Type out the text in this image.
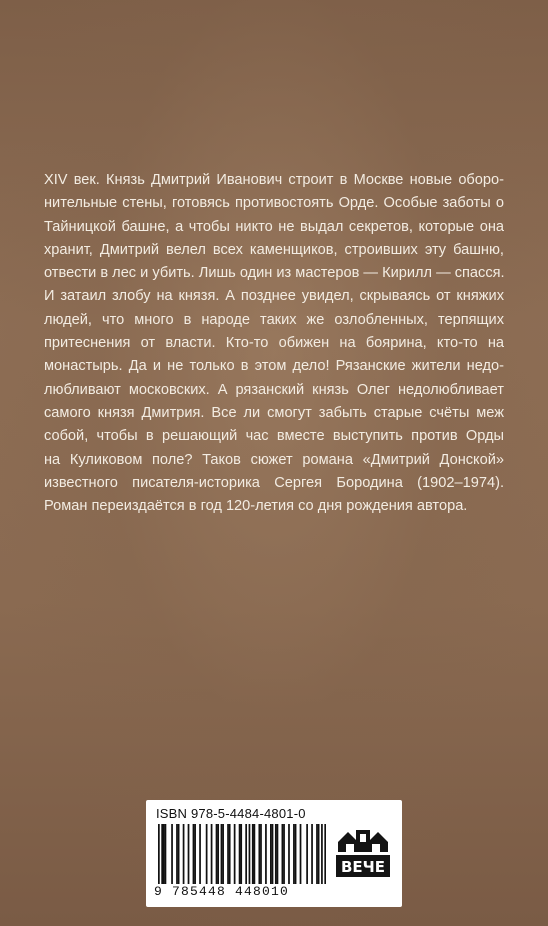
XIV век. Князь Дмитрий Иванович строит в Москве новые оборо-
нительные стены, готовясь противостоять Орде. Особые заботы о
Тайницкой башне, а чтобы никто не выдал секретов, которые она
хранит, Дмитрий велел всех каменщиков, строивших эту башню,
отвести в лес и убить. Лишь один из мастеров — Кирилл — спасся.
И затаил злобу на князя. А позднее увидел, скрываясь от княжих
людей, что много в народе таких же озлобленных, терпящих
притеснения от власти. Кто-то обижен на боярина, кто-то на
монастырь. Да и не только в этом дело! Рязанские жители недо-
любливают московских. А рязанский князь Олег недолюбливает
самого князя Дмитрия. Все ли смогут забыть старые счёты меж
собой, чтобы в решающий час вместе выступить против Орды
на Куликовом поле? Таков сюжет романа «Дмитрий Донской»
известного писателя-историка Сергея Бородина (1902–1974).
Роман переиздаётся в год 120-летия со дня рождения автора.
ISBN 978-5-4484-4801-0
9 785448 448010
ВЕЧЕ
